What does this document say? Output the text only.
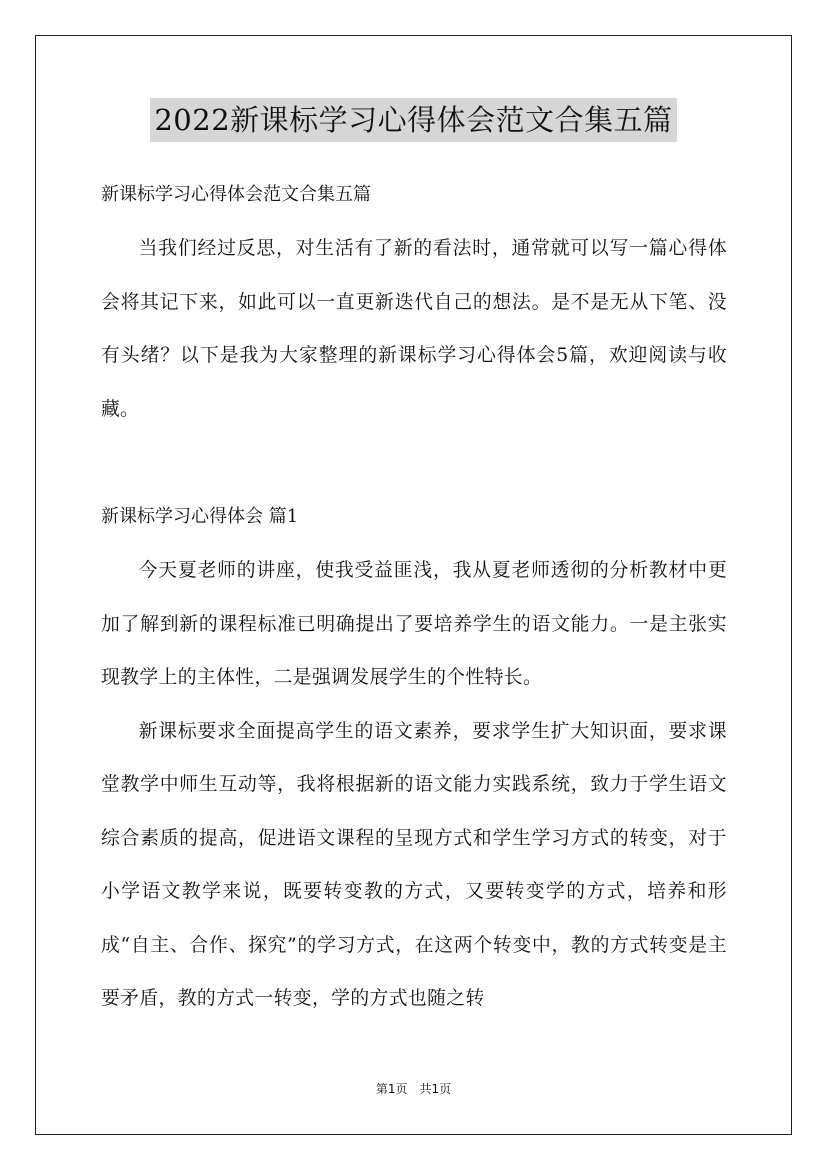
2022新课标学习心得体会范文合集五篇

新课标学习心得体会范文合集五篇

当我们经过反思，对生活有了新的看法时，通常就可以写一篇心得体会将其记下来，如此可以一直更新迭代自己的想法。是不是无从下笔、没有头绪？以下是我为大家整理的新课标学习心得体会5篇，欢迎阅读与收藏。

新课标学习心得体会 篇1

今天夏老师的讲座，使我受益匪浅，我从夏老师透彻的分析教材中更加了解到新的课程标准已明确提出了要培养学生的语文能力。一是主张实现教学上的主体性，二是强调发展学生的个性特长。

新课标要求全面提高学生的语文素养，要求学生扩大知识面，要求课堂教学中师生互动等，我将根据新的语文能力实践系统，致力于学生语文综合素质的提高，促进语文课程的呈现方式和学生学习方式的转变，对于小学语文教学来说，既要转变教的方式，又要转变学的方式，培养和形成“自主、合作、探究”的学习方式，在这两个转变中，教的方式转变是主要矛盾，教的方式一转变，学的方式也随之转

第1页　共1页
